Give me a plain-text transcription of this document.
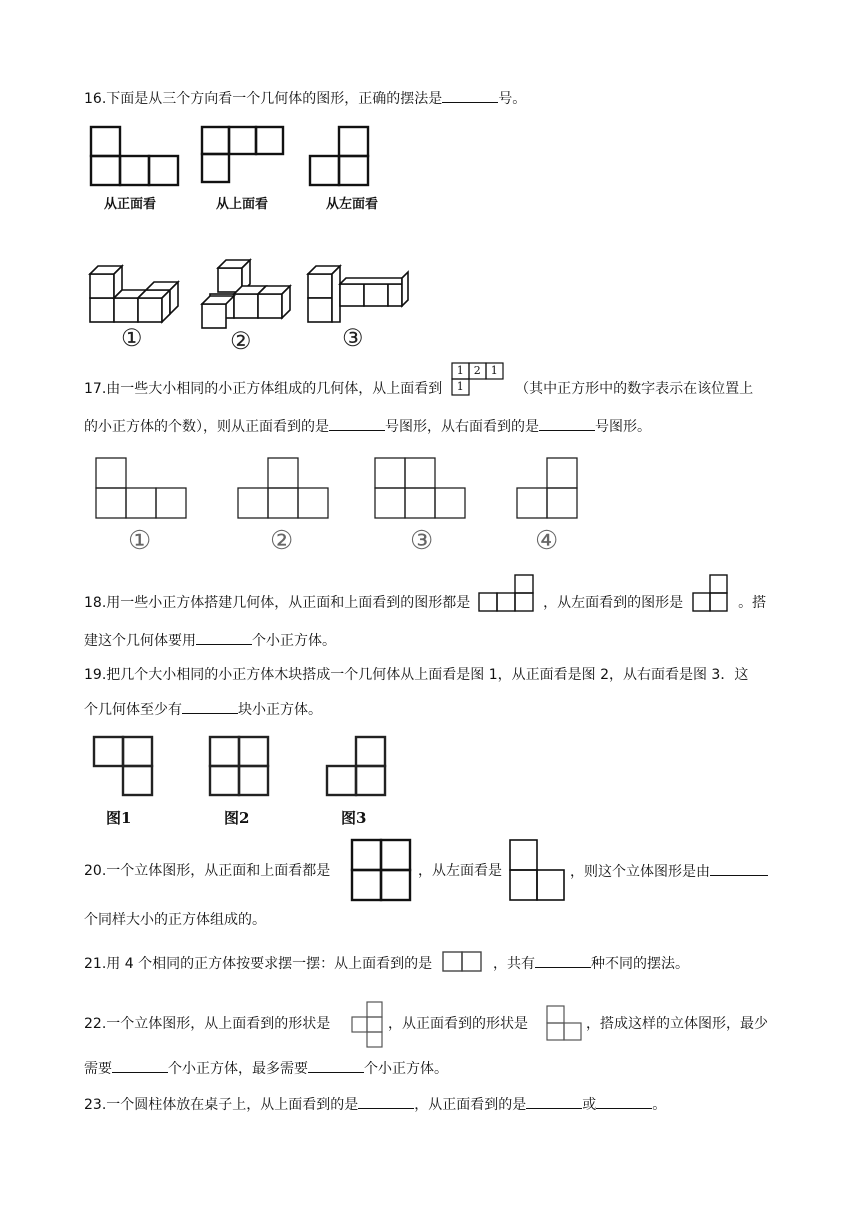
16.下面是从三个方向看一个几何体的图形，正确的摆法是	号。
从正面看	从上面看	从左面看
①	②	③
17.由一些大小相同的小正方体组成的几何体，从上面看到
1 2 1
1	（其中正方形中的数字表示在该位置上
的小正方体的个数），则从正面看到的是	号图形，从右面看到的是	号图形。
①	②	③	④
18.用一些小正方体搭建几何体，从正面和上面看到的图形都是	，从左面看到的图形是	。搭
建这个几何体要用	个小正方体。
19.把几个大小相同的小正方体木块搭成一个几何体从上面看是图 1，从正面看是图 2，从右面看是图 3．这
个几何体至少有	块小正方体。
图1	图2	图3
20.一个立体图形，从正面和上面看都是	，从左面看是	，则这个立体图形是由
个同样大小的正方体组成的。
21.用 4 个相同的正方体按要求摆一摆：从上面看到的是	，共有	种不同的摆法。
22.一个立体图形，从上面看到的形状是	，从正面看到的形状是	，搭成这样的立体图形，最少
需要	个小正方体，最多需要	个小正方体。
23.一个圆柱体放在桌子上，从上面看到的是	，从正面看到的是	或	。
